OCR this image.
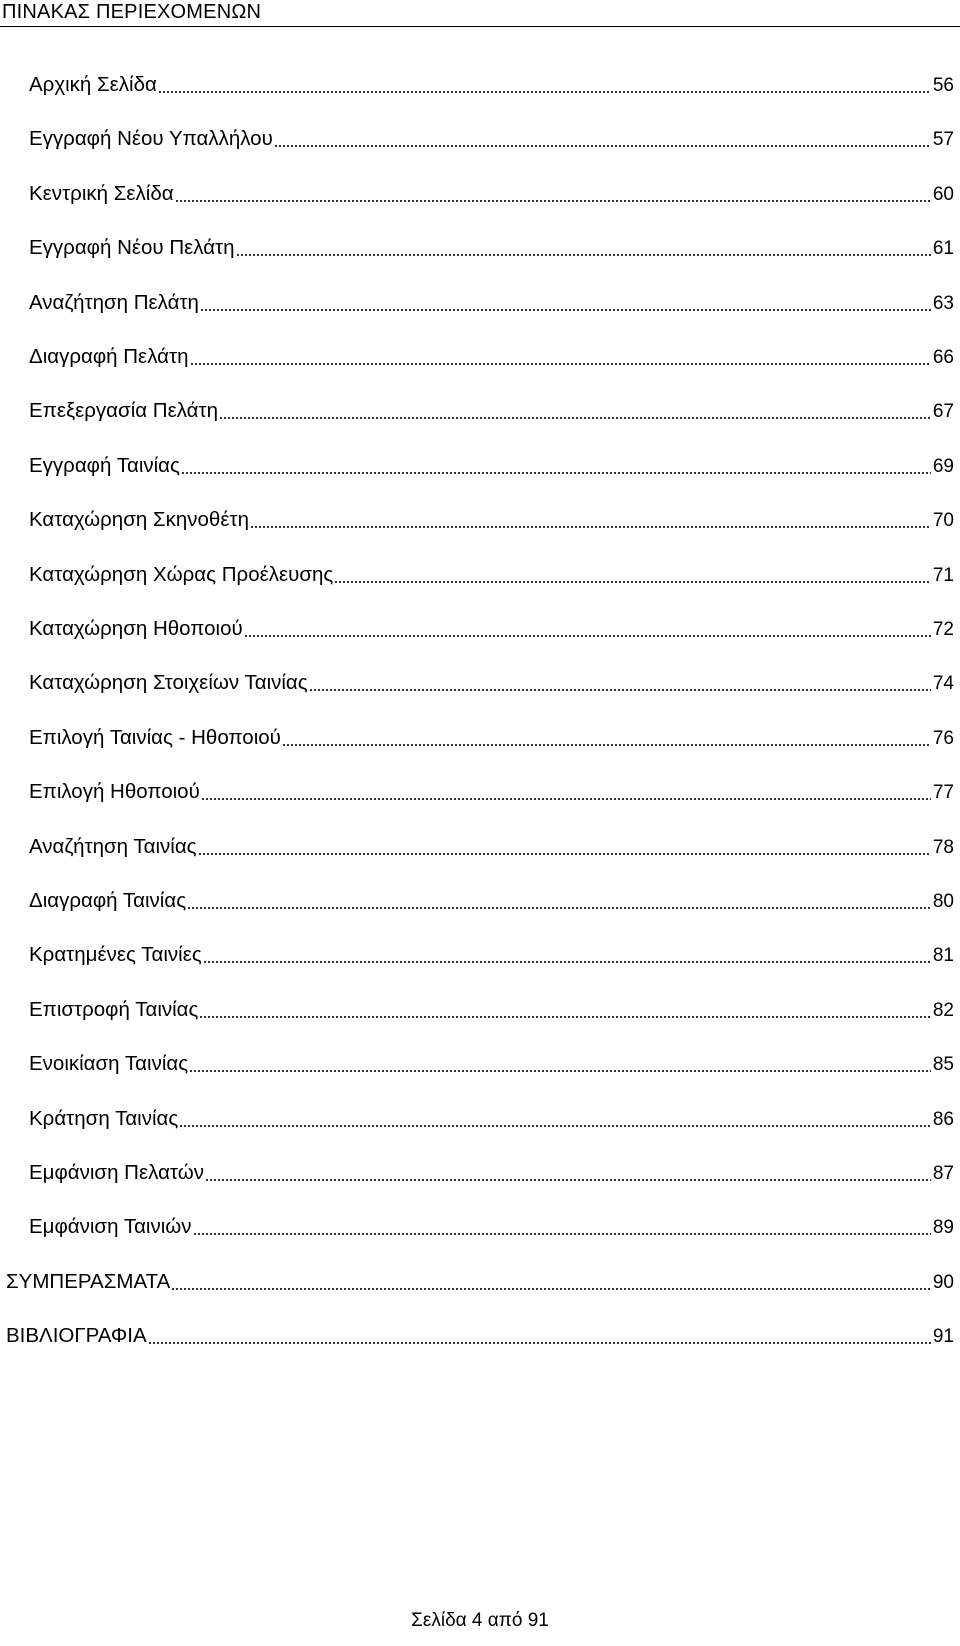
ΠΙΝΑΚΑΣ ΠΕΡΙΕΧΟΜΕΝΩΝ
Αρχική Σελίδα	56
Εγγραφή Νέου Υπαλλήλου	57
Κεντρική Σελίδα	60
Εγγραφή Νέου Πελάτη	61
Αναζήτηση Πελάτη	63
Διαγραφή Πελάτη	66
Επεξεργασία Πελάτη	67
Εγγραφή Ταινίας	69
Καταχώρηση Σκηνοθέτη	70
Καταχώρηση Χώρας Προέλευσης	71
Καταχώρηση Ηθοποιού	72
Καταχώρηση Στοιχείων Ταινίας	74
Επιλογή Ταινίας - Ηθοποιού	76
Επιλογή Ηθοποιού	77
Αναζήτηση Ταινίας	78
Διαγραφή Ταινίας	80
Κρατημένες Ταινίες	81
Επιστροφή Ταινίας	82
Ενοικίαση Ταινίας	85
Κράτηση Ταινίας	86
Εμφάνιση Πελατών	87
Εμφάνιση Ταινιών	89
ΣΥΜΠΕΡΑΣΜΑΤΑ	90
ΒΙΒΛΙΟΓΡΑΦΙΑ	91
Σελίδα 4 από 91
